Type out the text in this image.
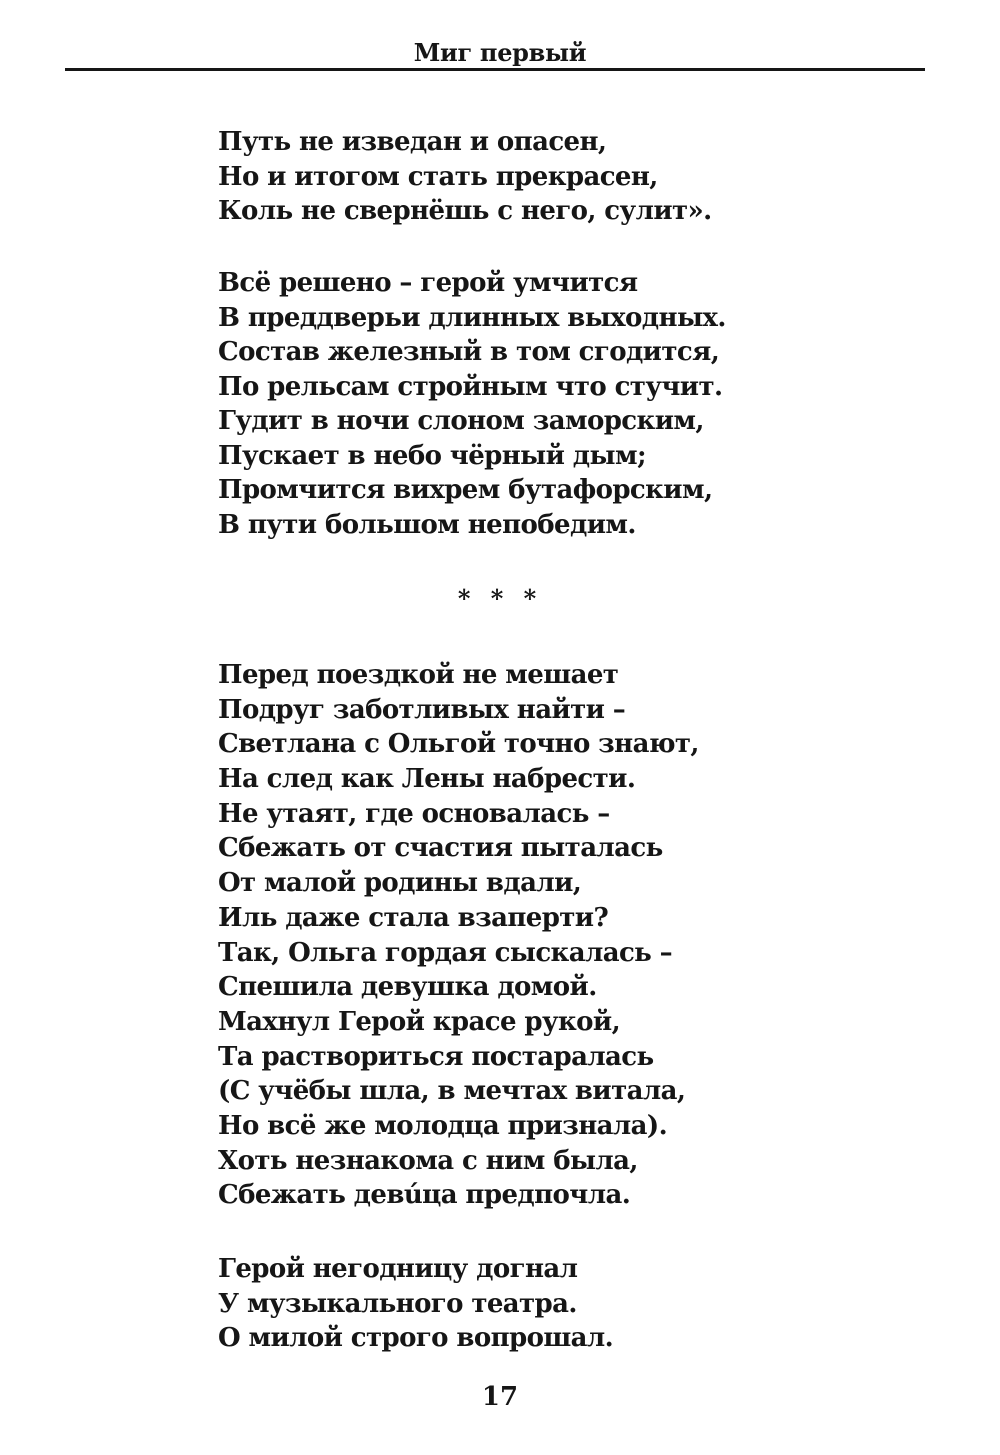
Миг первый
Путь не изведан и опасен,
Но и итогом стать прекрасен,
Коль не свернёшь с него, сулит».
Всё решено – герой умчится
В преддверьи длинных выходных.
Состав железный в том сгодится,
По рельсам стройным что стучит.
Гудит в ночи слоном заморским,
Пускает в небо чёрный дым;
Промчится вихрем бутафорским,
В пути большом непобедим.
* * *
Перед поездкой не мешает
Подруг заботливых найти –
Светлана с Ольгой точно знают,
На след как Лены набрести.
Не утаят, где основалась –
Сбежать от счастия пыталась
От малой родины вдали,
Иль даже стала взаперти?
Так, Ольга гордая сыскалась –
Спешила девушка домой.
Махнул Герой красе рукой,
Та раствориться постаралась
(С учёбы шла, в мечтах витала,
Но всё же молодца признала).
Хоть незнакома с ним была,
Сбежать девúца предпочла.
Герой негодницу догнал
У музыкального театра.
О милой строго вопрошал.
17
